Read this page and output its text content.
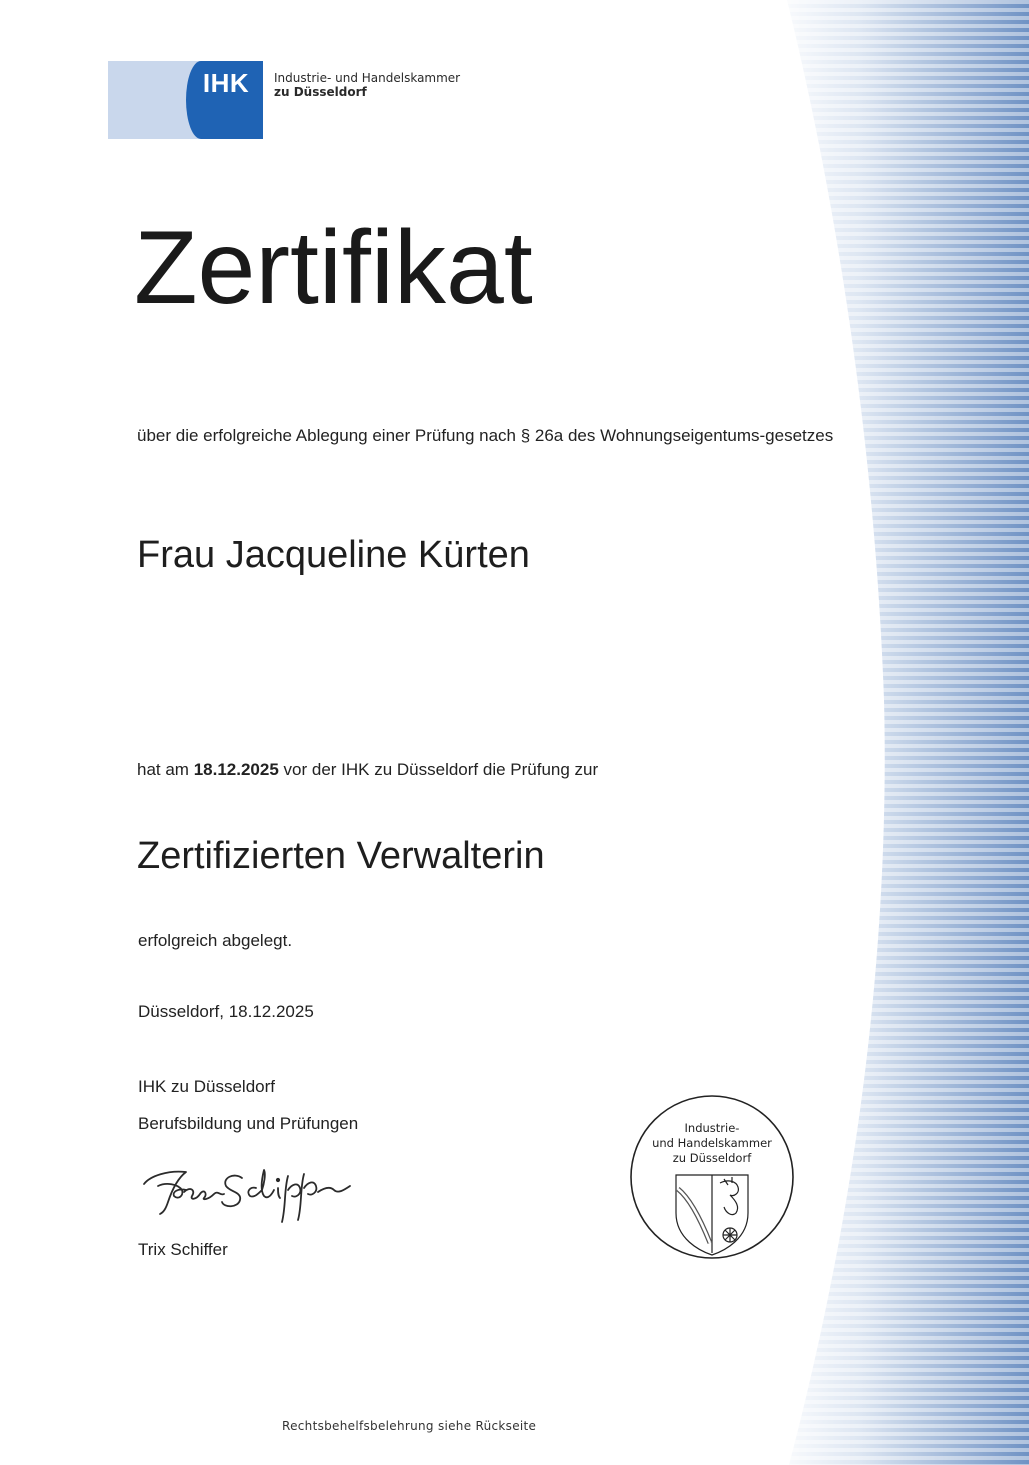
IHK	Industrie- und Handelskammer
zu Düsseldorf
Zertifikat
über die erfolgreiche Ablegung einer Prüfung nach § 26a des Wohnungseigentums-gesetzes
Frau Jacqueline Kürten
hat am 18.12.2025 vor der IHK zu Düsseldorf die Prüfung zur
Zertifizierten Verwalterin
erfolgreich abgelegt.
Düsseldorf, 18.12.2025
IHK zu Düsseldorf
Berufsbildung und Prüfungen
Trix Schiffer
Industrie-
und Handelskammer
zu Düsseldorf
Rechtsbehelfsbelehrung siehe Rückseite
